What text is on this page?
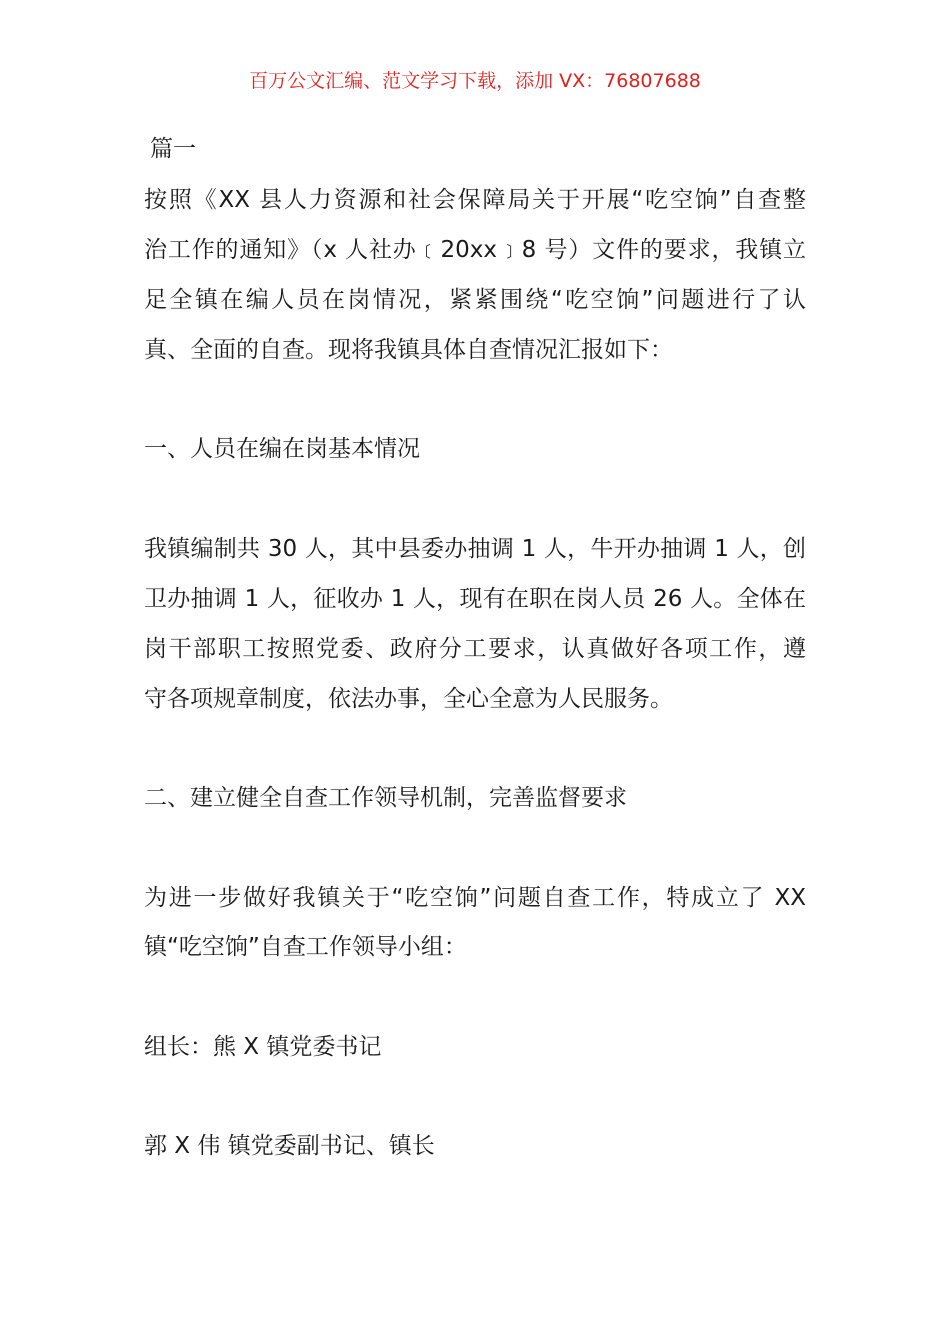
百万公文汇编、范文学习下载，添加 VX：76807688
篇一
按照《XX 县人力资源和社会保障局关于开展“吃空饷”自查整
治工作的通知》（x 人社办﹝20xx﹞8 号）文件的要求，我镇立
足全镇在编人员在岗情况，紧紧围绕“吃空饷”问题进行了认
真、全面的自查。现将我镇具体自查情况汇报如下：
一、人员在编在岗基本情况
我镇编制共 30 人，其中县委办抽调 1 人，牛开办抽调 1 人，创
卫办抽调 1 人，征收办 1 人，现有在职在岗人员 26 人。全体在
岗干部职工按照党委、政府分工要求，认真做好各项工作，遵
守各项规章制度，依法办事，全心全意为人民服务。
二、建立健全自查工作领导机制，完善监督要求
为进一步做好我镇关于“吃空饷”问题自查工作，特成立了 XX
镇“吃空饷”自查工作领导小组：
组长：熊 X 镇党委书记
郭 X 伟 镇党委副书记、镇长
